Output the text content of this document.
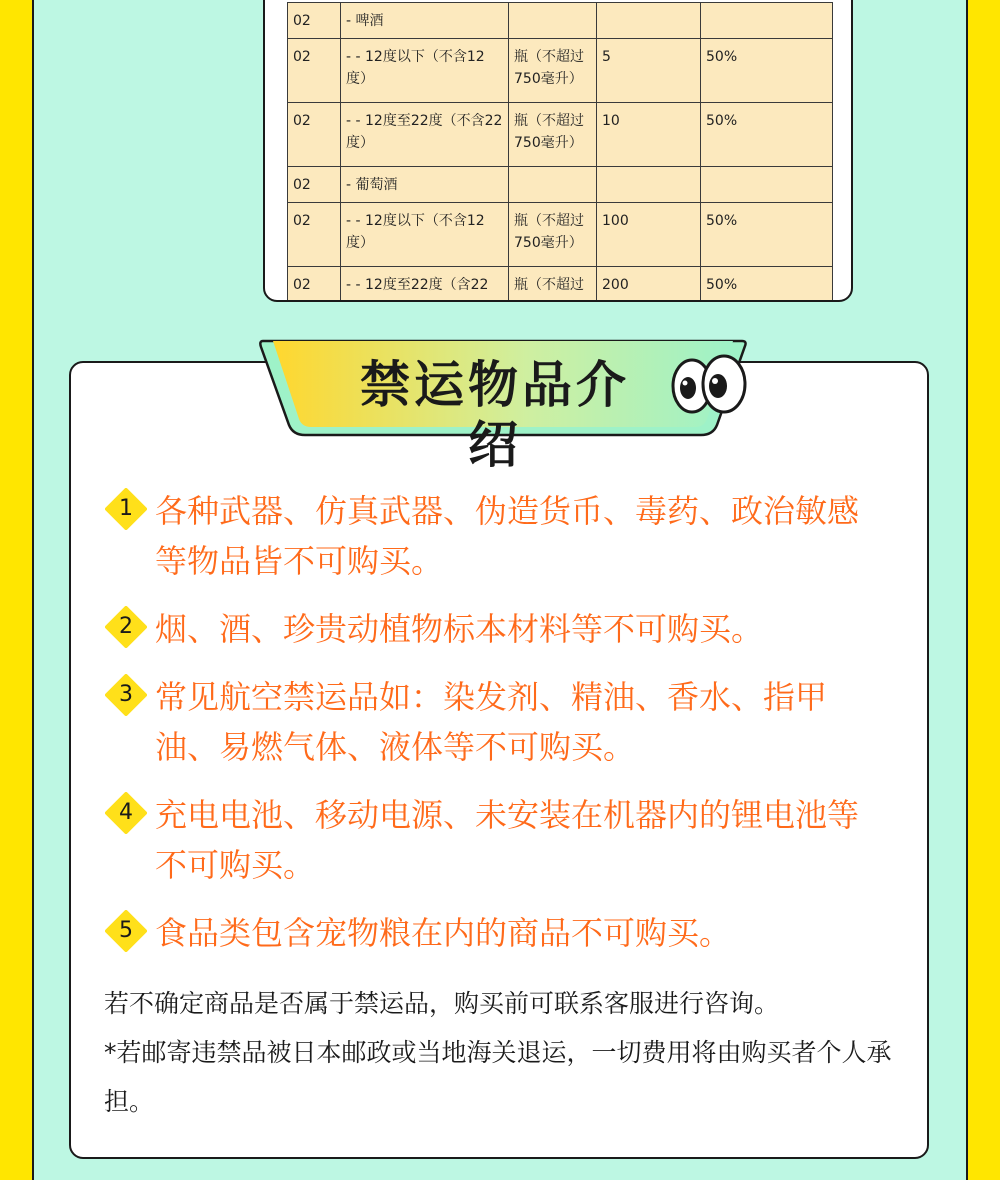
02	- 啤酒			
02	- - 12度以下（不含12度）	瓶（不超过750毫升）	5	50%
02	- - 12度至22度（不含22度）	瓶（不超过750毫升）	10	50%
02	- 葡萄酒			
02	- - 12度以下（不含12度）	瓶（不超过750毫升）	100	50%
02	- - 12度至22度（含22	瓶（不超过	200	50%
禁运物品介绍
1 各种武器、仿真武器、伪造货币、毒药、政治敏感等物品皆不可购买。
2 烟、酒、珍贵动植物标本材料等不可购买。
3 常见航空禁运品如：染发剂、精油、香水、指甲油、易燃气体、液体等不可购买。
4 充电电池、移动电源、未安装在机器内的锂电池等不可购买。
5 食品类包含宠物粮在内的商品不可购买。
若不确定商品是否属于禁运品，购买前可联系客服进行咨询。
*若邮寄违禁品被日本邮政或当地海关退运，一切费用将由购买者个人承担。
